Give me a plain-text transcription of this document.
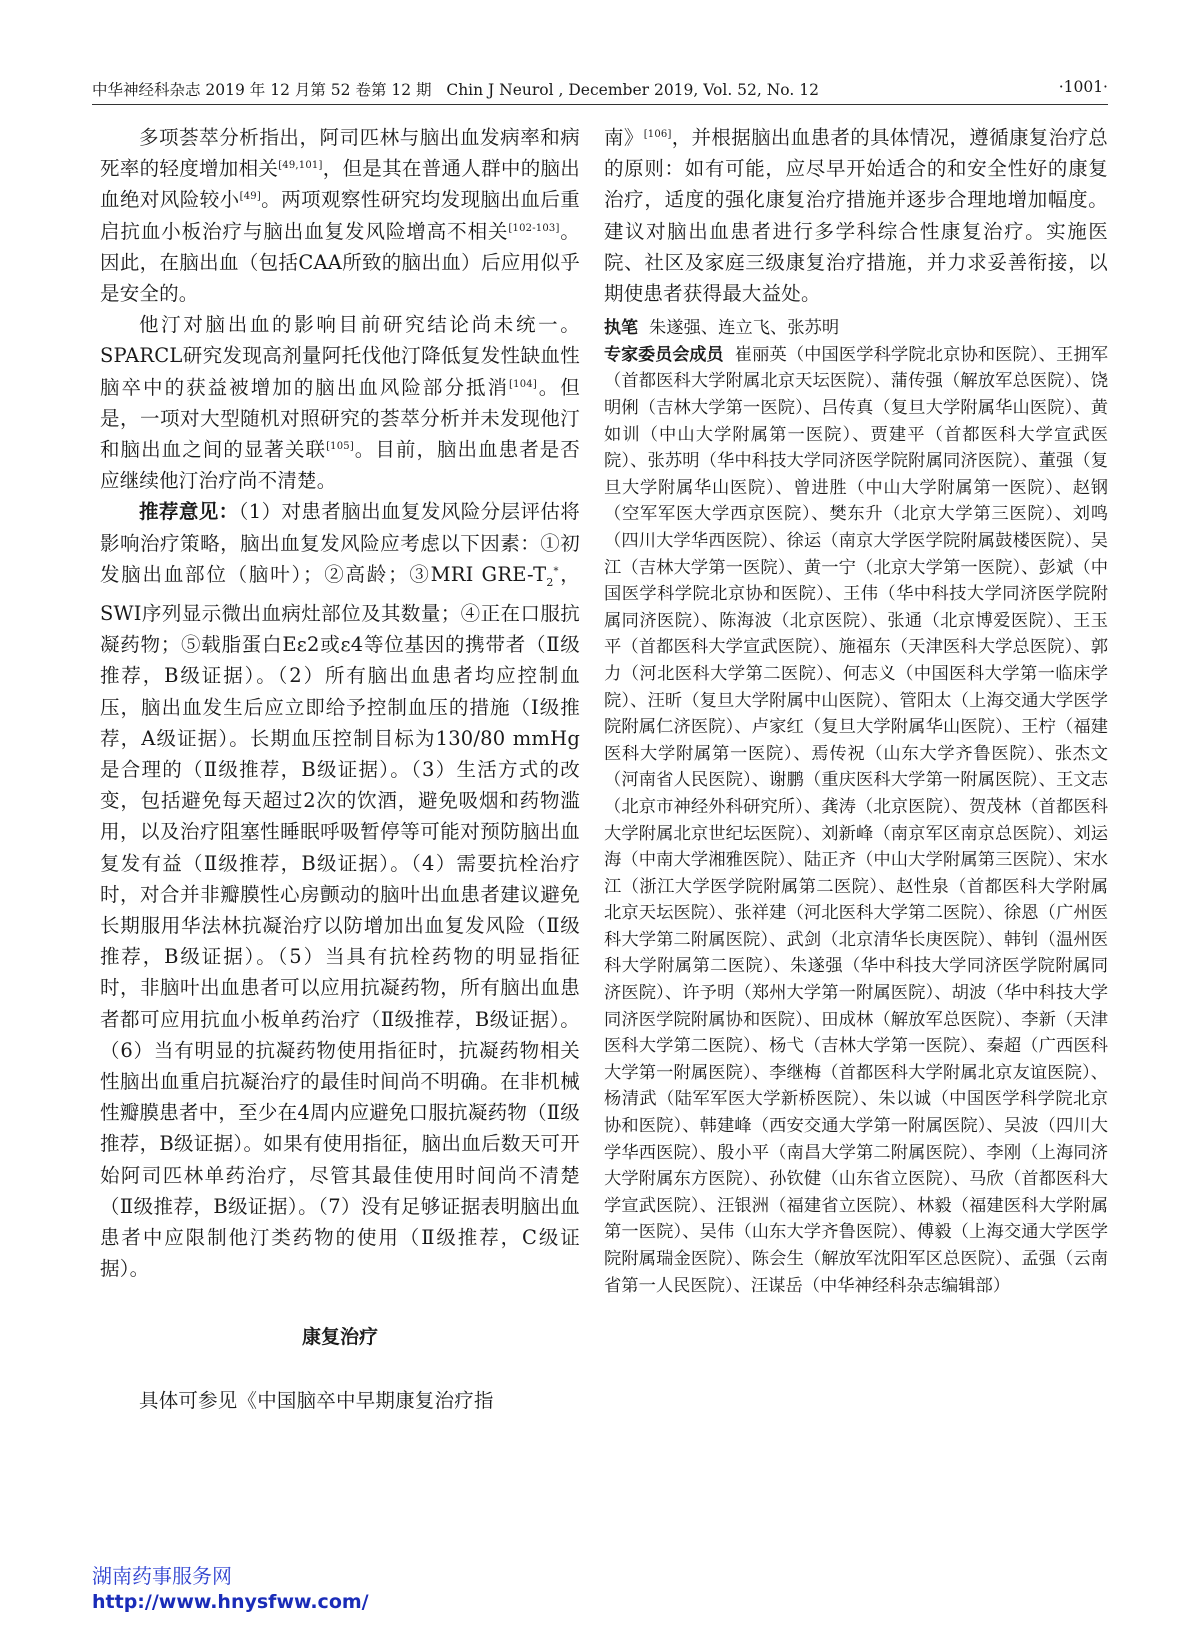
中华神经科杂志 2019 年 12 月第 52 卷第 12 期 Chin J Neurol , December 2019, Vol. 52, No. 12	·1001·

多项荟萃分析指出，阿司匹林与脑出血发病率和病死率的轻度增加相关[49,101]，但是其在普通人群中的脑出血绝对风险较小[49]。两项观察性研究均发现脑出血后重启抗血小板治疗与脑出血复发风险增高不相关[102-103]。因此，在脑出血（包括CAA所致的脑出血）后应用似乎是安全的。

他汀对脑出血的影响目前研究结论尚未统一。SPARCL研究发现高剂量阿托伐他汀降低复发性缺血性脑卒中的获益被增加的脑出血风险部分抵消[104]。但是，一项对大型随机对照研究的荟萃分析并未发现他汀和脑出血之间的显著关联[105]。目前，脑出血患者是否应继续他汀治疗尚不清楚。

推荐意见：（1）对患者脑出血复发风险分层评估将影响治疗策略，脑出血复发风险应考虑以下因素：①初发脑出血部位（脑叶）；②高龄；③MRI GRE-$T_2^*$，SWI序列显示微出血病灶部位及其数量；④正在口服抗凝药物；⑤载脂蛋白Eε2或ε4等位基因的携带者（Ⅱ级推荐，B级证据）。（2）所有脑出血患者均应控制血压，脑出血发生后应立即给予控制血压的措施（Ⅰ级推荐，A级证据）。长期血压控制目标为130/80 mmHg是合理的（Ⅱ级推荐，B级证据）。（3）生活方式的改变，包括避免每天超过2次的饮酒，避免吸烟和药物滥用，以及治疗阻塞性睡眠呼吸暂停等可能对预防脑出血复发有益（Ⅱ级推荐，B级证据）。（4）需要抗栓治疗时，对合并非瓣膜性心房颤动的脑叶出血患者建议避免长期服用华法林抗凝治疗以防增加出血复发风险（Ⅱ级推荐，B级证据）。（5）当具有抗栓药物的明显指征时，非脑叶出血患者可以应用抗凝药物，所有脑出血患者都可应用抗血小板单药治疗（Ⅱ级推荐，B级证据）。（6）当有明显的抗凝药物使用指征时，抗凝药物相关性脑出血重启抗凝治疗的最佳时间尚不明确。在非机械性瓣膜患者中，至少在4周内应避免口服抗凝药物（Ⅱ级推荐，B级证据）。如果有使用指征，脑出血后数天可开始阿司匹林单药治疗，尽管其最佳使用时间尚不清楚（Ⅱ级推荐，B级证据）。（7）没有足够证据表明脑出血患者中应限制他汀类药物的使用（Ⅱ级推荐，C级证据）。

康复治疗

具体可参见《中国脑卒中早期康复治疗指

南》[106]，并根据脑出血患者的具体情况，遵循康复治疗总的原则：如有可能，应尽早开始适合的和安全性好的康复治疗，适度的强化康复治疗措施并逐步合理地增加幅度。建议对脑出血患者进行多学科综合性康复治疗。实施医院、社区及家庭三级康复治疗措施，并力求妥善衔接，以期使患者获得最大益处。

执笔 朱遂强、连立飞、张苏明

专家委员会成员 崔丽英（中国医学科学院北京协和医院）、王拥军（首都医科大学附属北京天坛医院）、蒲传强（解放军总医院）、饶明俐（吉林大学第一医院）、吕传真（复旦大学附属华山医院）、黄如训（中山大学附属第一医院）、贾建平（首都医科大学宣武医院）、张苏明（华中科技大学同济医学院附属同济医院）、董强（复旦大学附属华山医院）、曾进胜（中山大学附属第一医院）、赵钢（空军军医大学西京医院）、樊东升（北京大学第三医院）、刘鸣（四川大学华西医院）、徐运（南京大学医学院附属鼓楼医院）、吴江（吉林大学第一医院）、黄一宁（北京大学第一医院）、彭斌（中国医学科学院北京协和医院）、王伟（华中科技大学同济医学院附属同济医院）、陈海波（北京医院）、张通（北京博爱医院）、王玉平（首都医科大学宣武医院）、施福东（天津医科大学总医院）、郭力（河北医科大学第二医院）、何志义（中国医科大学第一临床学院）、汪昕（复旦大学附属中山医院）、管阳太（上海交通大学医学院附属仁济医院）、卢家红（复旦大学附属华山医院）、王柠（福建医科大学附属第一医院）、焉传祝（山东大学齐鲁医院）、张杰文（河南省人民医院）、谢鹏（重庆医科大学第一附属医院）、王文志（北京市神经外科研究所）、龚涛（北京医院）、贺茂林（首都医科大学附属北京世纪坛医院）、刘新峰（南京军区南京总医院）、刘运海（中南大学湘雅医院）、陆正齐（中山大学附属第三医院）、宋水江（浙江大学医学院附属第二医院）、赵性泉（首都医科大学附属北京天坛医院）、张祥建（河北医科大学第二医院）、徐恩（广州医科大学第二附属医院）、武剑（北京清华长庚医院）、韩钊（温州医科大学附属第二医院）、朱遂强（华中科技大学同济医学院附属同济医院）、许予明（郑州大学第一附属医院）、胡波（华中科技大学同济医学院附属协和医院）、田成林（解放军总医院）、李新（天津医科大学第二医院）、杨弋（吉林大学第一医院）、秦超（广西医科大学第一附属医院）、李继梅（首都医科大学附属北京友谊医院）、杨清武（陆军军医大学新桥医院）、朱以诚（中国医学科学院北京协和医院）、韩建峰（西安交通大学第一附属医院）、吴波（四川大学华西医院）、殷小平（南昌大学第二附属医院）、李刚（上海同济大学附属东方医院）、孙钦健（山东省立医院）、马欣（首都医科大学宣武医院）、汪银洲（福建省立医院）、林毅（福建医科大学附属第一医院）、吴伟（山东大学齐鲁医院）、傅毅（上海交通大学医学院附属瑞金医院）、陈会生（解放军沈阳军区总医院）、孟强（云南省第一人民医院）、汪谋岳（中华神经科杂志编辑部）

湖南药事服务网
http://www.hnysfww.com/
